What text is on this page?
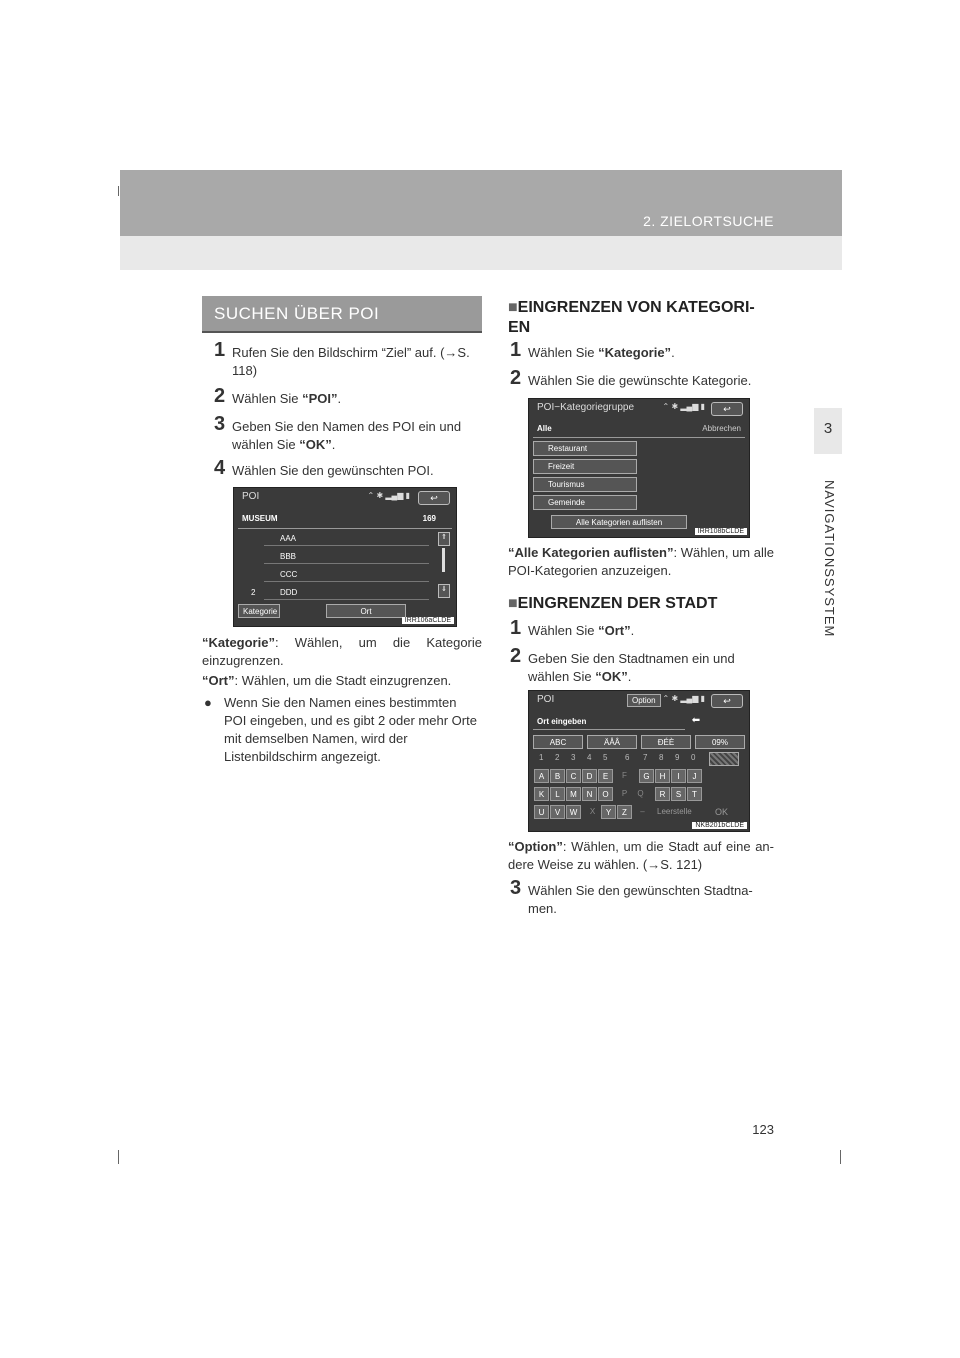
2. ZIELORTSUCHE
3
NAVIGATIONSSYSTEM
SUCHEN ÜBER POI
1 Rufen Sie den Bildschirm “Ziel” auf. (→S. 118)
2 Wählen Sie “POI”.
3 Geben Sie den Namen des POI ein und wählen Sie “OK”.
4 Wählen Sie den gewünschten POI.
POI	⌃ ✱ ▂▄▆ ▮	↩
MUSEUM	169
AAA
BBB
CCC
DDD
2
⇑
⇓
Kategorie	Ort
IRR106aCLDE
“Kategorie”: Wählen, um die Kategorie einzugrenzen.
“Ort”: Wählen, um die Stadt einzugrenzen.
● Wenn Sie den Namen eines bestimmten POI eingeben, und es gibt 2 oder mehr Orte mit demselben Namen, wird der Listenbildschirm angezeigt.
■EINGRENZEN VON KATEGORI-EN
1 Wählen Sie “Kategorie”.
2 Wählen Sie die gewünschte Kategorie.
POI−Kategoriegruppe	⌃ ✱ ▂▄▆ ▮	↩
Alle	Abbrechen
Restaurant
Freizeit
Tourismus
Gemeinde
Alle Kategorien auflisten
IRR108bCLDE
“Alle Kategorien auflisten”: Wählen, um alle POI-Kategorien anzuzeigen.
■EINGRENZEN DER STADT
1 Wählen Sie “Ort”.
2 Geben Sie den Stadtnamen ein und wählen Sie “OK”.
POI	Option ⌃ ✱ ▂▄▆ ▮	↩
Ort eingeben	⬅
ABC	ÄÅÂ	ÐÉÈ	09%
1 2 3 4 5 6 7 8 9 0
A	B	C	D	E	F	G	H	I	J
K	L	M	N	O	P	Q	R	S	T
U	V	W	X	Y	Z	–	Leerstelle	OK
NKB201bCLDE
“Option”: Wählen, um die Stadt auf eine an-dere Weise zu wählen. (→S. 121)
3 Wählen Sie den gewünschten Stadtna-men.
123
